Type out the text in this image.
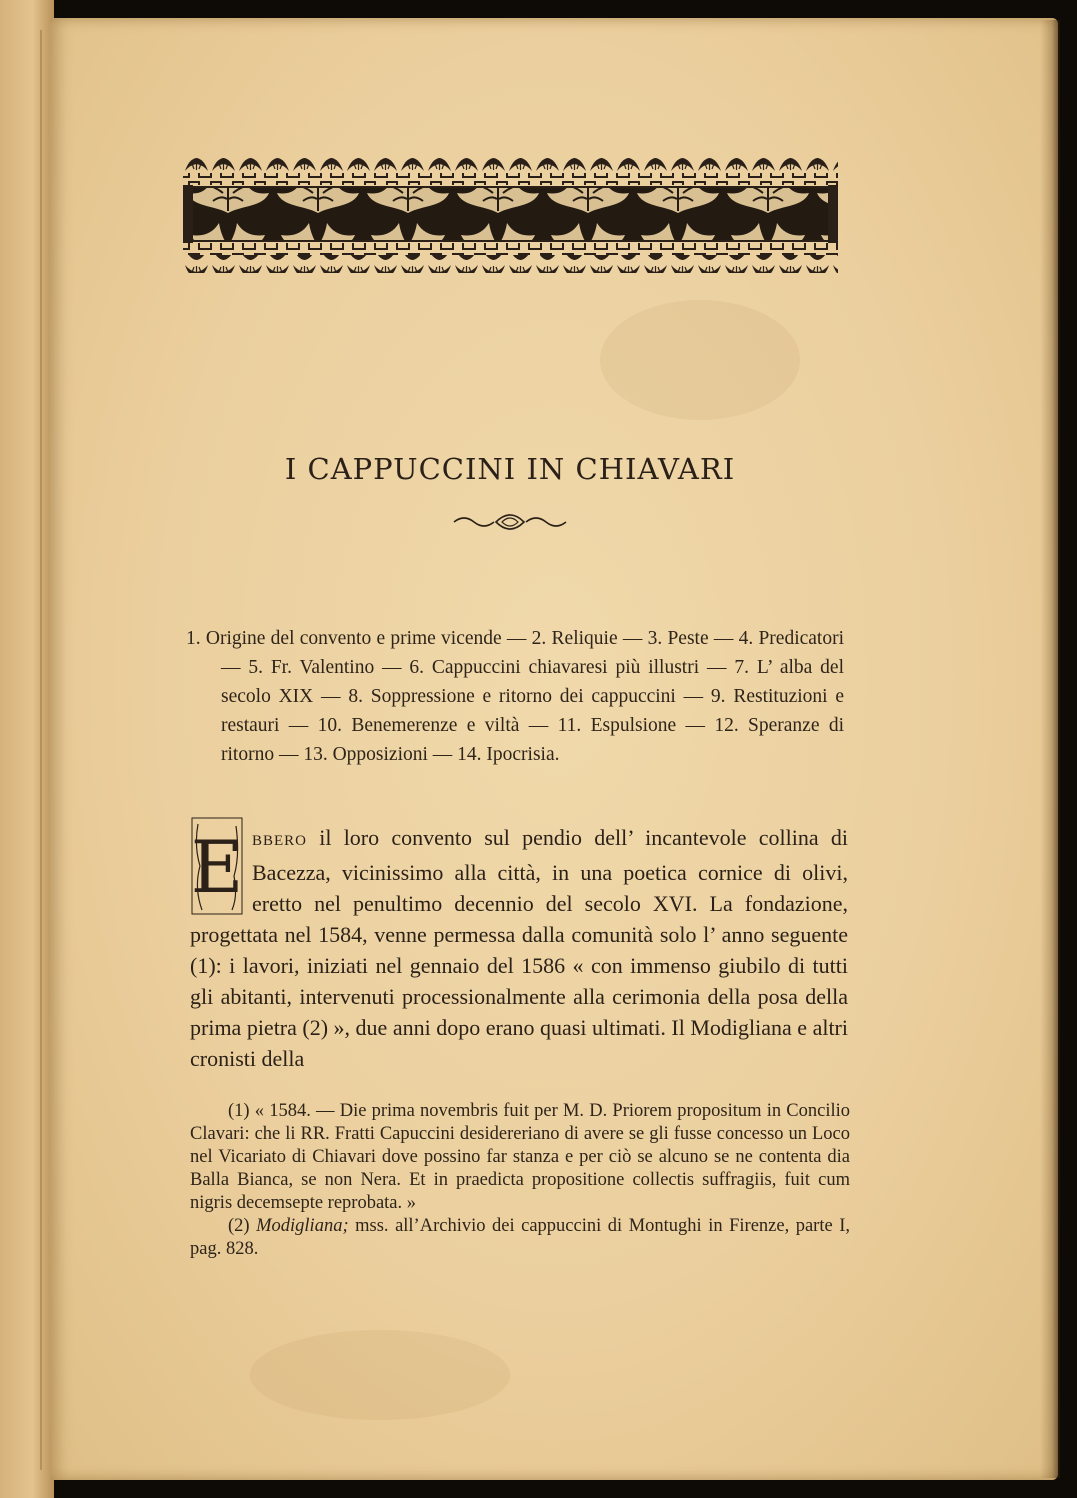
I CAPPUCCINI IN CHIAVARI

1. Origine del convento e prime vicende — 2. Reliquie — 3. Peste — 4. Predicatori — 5. Fr. Valentino — 6. Cappuccini chiavaresi più illustri — 7. L’ alba del secolo XIX — 8. Soppressione e ritorno dei cappuccini — 9. Restituzioni e restauri — 10. Benemerenze e viltà — 11. Espulsione — 12. Speranze di ritorno — 13. Opposizioni — 14. Ipocrisia.

E BBERO il loro convento sul pendio dell’ incantevole collina di Bacezza, vicinissimo alla città, in una poetica cornice di olivi, eretto nel penultimo decennio del secolo XVI. La fondazione, progettata nel 1584, venne permessa dalla comunità solo l’ anno seguente (1): i lavori, iniziati nel gennaio del 1586 « con immenso giubilo di tutti gli abitanti, intervenuti processionalmente alla cerimonia della posa della prima pietra (2) », due anni dopo erano quasi ultimati. Il Modigliana e altri cronisti della

(1) « 1584. — Die prima novembris fuit per M. D. Priorem propositum in Concilio Clavari: che li RR. Fratti Capuccini desidereriano di avere se gli fusse concesso un Loco nel Vicariato di Chiavari dove possino far stanza e per ciò se alcuno se ne contenta dia Balla Bianca, se non Nera. Et in praedicta propositione collectis suffragiis, fuit cum nigris decemsepte reprobata. »

(2) Modigliana; mss. all’Archivio dei cappuccini di Montughi in Firenze, parte I, pag. 828.
